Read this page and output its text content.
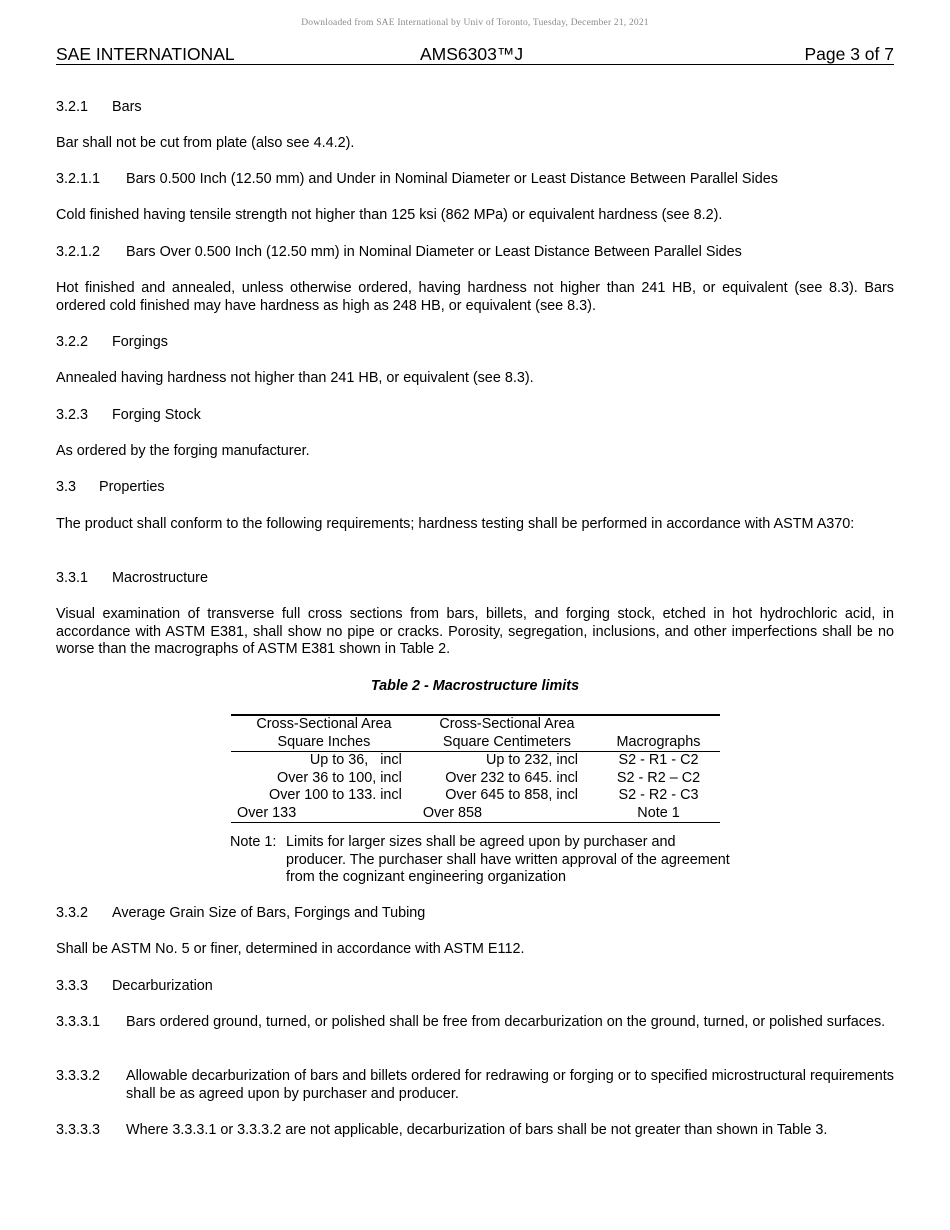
Downloaded from SAE International by Univ of Toronto, Tuesday, December 21, 2021
SAE INTERNATIONAL	AMS6303™J	Page 3 of 7

3.2.1 Bars

Bar shall not be cut from plate (also see 4.4.2).

3.2.1.1 Bars 0.500 Inch (12.50 mm) and Under in Nominal Diameter or Least Distance Between Parallel Sides

Cold finished having tensile strength not higher than 125 ksi (862 MPa) or equivalent hardness (see 8.2).

3.2.1.2 Bars Over 0.500 Inch (12.50 mm) in Nominal Diameter or Least Distance Between Parallel Sides

Hot finished and annealed, unless otherwise ordered, having hardness not higher than 241 HB, or equivalent (see 8.3). Bars ordered cold finished may have hardness as high as 248 HB, or equivalent (see 8.3).

3.2.2 Forgings

Annealed having hardness not higher than 241 HB, or equivalent (see 8.3).

3.2.3 Forging Stock

As ordered by the forging manufacturer.

3.3 Properties

The product shall conform to the following requirements; hardness testing shall be performed in accordance with ASTM A370:

3.3.1 Macrostructure

Visual examination of transverse full cross sections from bars, billets, and forging stock, etched in hot hydrochloric acid, in accordance with ASTM E381, shall show no pipe or cracks. Porosity, segregation, inclusions, and other imperfections shall be no worse than the macrographs of ASTM E381 shown in Table 2.

Table 2 - Macrostructure limits
Cross-Sectional Area	Cross-Sectional Area	
Square Inches	Square Centimeters	Macrographs
Up to 36,   incl	Up to 232, incl	S2 - R1 - C2
Over 36 to 100, incl	Over 232 to 645. incl	S2 - R2 – C2
Over 100 to 133. incl	Over 645 to 858, incl	S2 - R2 - C3
Over 133	Over 858	Note 1
Note 1: Limits for larger sizes shall be agreed upon by purchaser and producer. The purchaser shall have written approval of the agreement from the cognizant engineering organization

3.3.2 Average Grain Size of Bars, Forgings and Tubing

Shall be ASTM No. 5 or finer, determined in accordance with ASTM E112.

3.3.3 Decarburization

3.3.3.1 Bars ordered ground, turned, or polished shall be free from decarburization on the ground, turned, or polished surfaces.
3.3.3.2 Allowable decarburization of bars and billets ordered for redrawing or forging or to specified microstructural requirements shall be as agreed upon by purchaser and producer.
3.3.3.3 Where 3.3.3.1 or 3.3.3.2 are not applicable, decarburization of bars shall be not greater than shown in Table 3.
